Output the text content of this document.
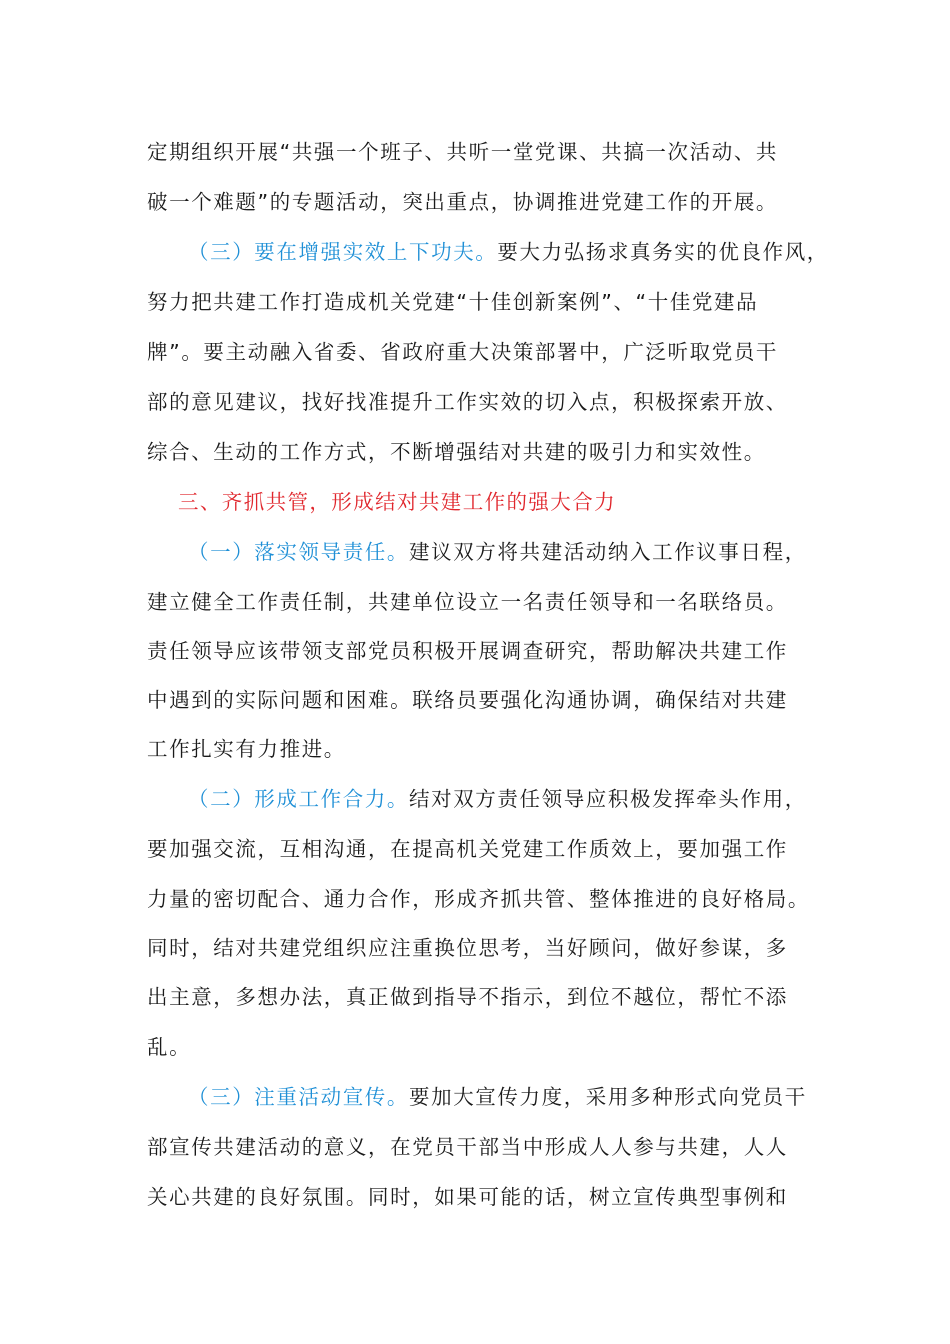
定期组织开展“共强一个班子、共听一堂党课、共搞一次活动、共
破一个难题”的专题活动，突出重点，协调推进党建工作的开展。
（三）要在增强实效上下功夫。要大力弘扬求真务实的优良作风，
努力把共建工作打造成机关党建“十佳创新案例”、“十佳党建品
牌”。要主动融入省委、省政府重大决策部署中，广泛听取党员干
部的意见建议，找好找准提升工作实效的切入点，积极探索开放、
综合、生动的工作方式，不断增强结对共建的吸引力和实效性。
三、齐抓共管，形成结对共建工作的强大合力
（一）落实领导责任。建议双方将共建活动纳入工作议事日程，
建立健全工作责任制，共建单位设立一名责任领导和一名联络员。
责任领导应该带领支部党员积极开展调查研究，帮助解决共建工作
中遇到的实际问题和困难。联络员要强化沟通协调，确保结对共建
工作扎实有力推进。
（二）形成工作合力。结对双方责任领导应积极发挥牵头作用，
要加强交流，互相沟通，在提高机关党建工作质效上，要加强工作
力量的密切配合、通力合作，形成齐抓共管、整体推进的良好格局。
同时，结对共建党组织应注重换位思考，当好顾问，做好参谋，多
出主意，多想办法，真正做到指导不指示，到位不越位，帮忙不添
乱。
（三）注重活动宣传。要加大宣传力度，采用多种形式向党员干
部宣传共建活动的意义，在党员干部当中形成人人参与共建，人人
关心共建的良好氛围。同时，如果可能的话，树立宣传典型事例和
